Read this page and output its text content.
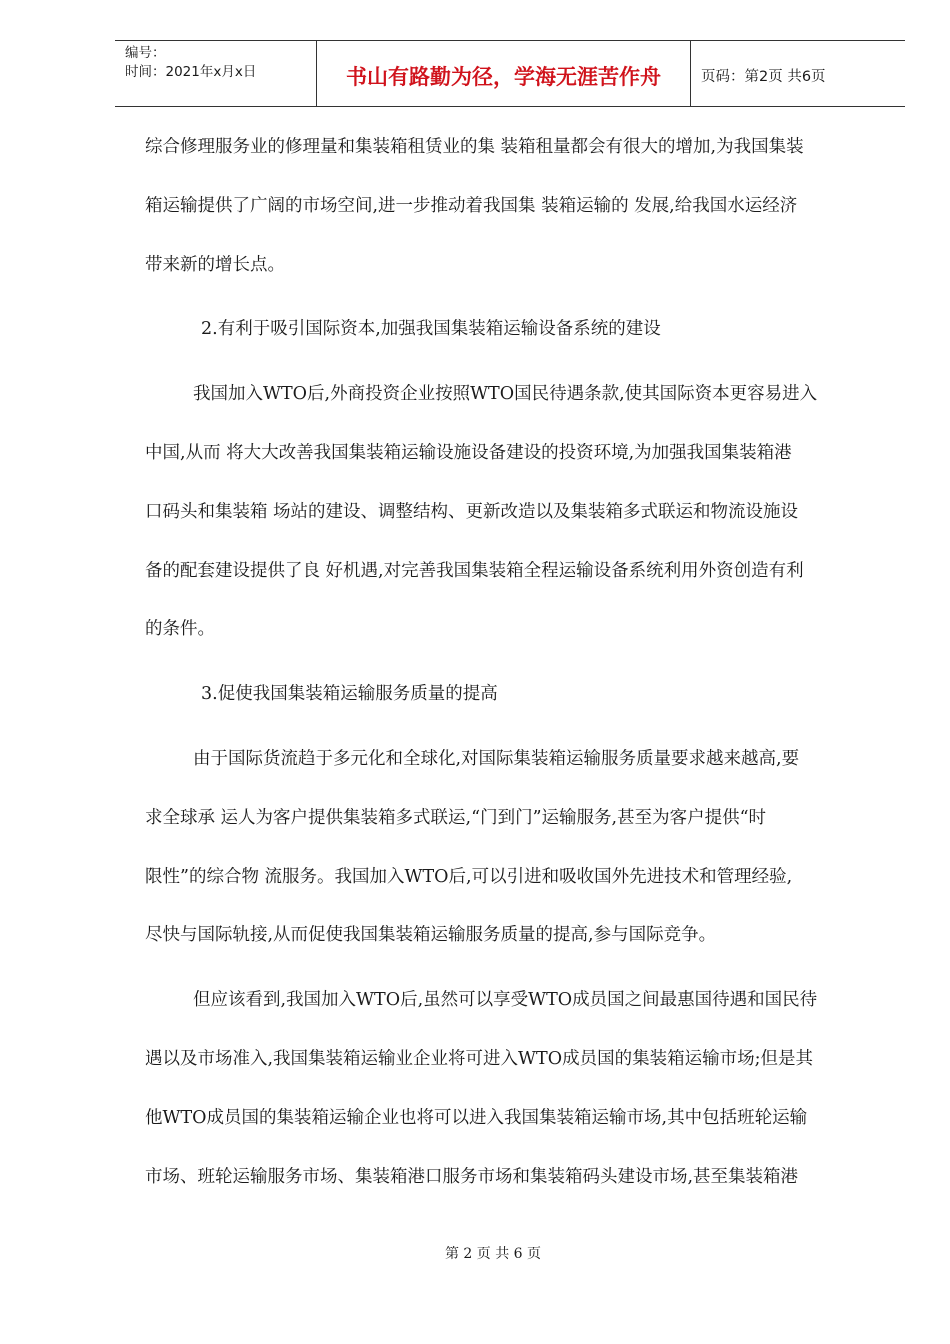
编号：
时间：2021年x月x日	书山有路勤为径，学海无涯苦作舟	页码：第2页 共6页
综合修理服务业的修理量和集装箱租赁业的集 装箱租量都会有很大的增加,为我国集装
箱运输提供了广阔的市场空间,进一步推动着我国集 装箱运输的 发展,给我国水运经济
带来新的增长点。
2.有利于吸引国际资本,加强我国集装箱运输设备系统的建设
我国加入WTO后,外商投资企业按照WTO国民待遇条款,使其国际资本更容易进入
中国,从而 将大大改善我国集装箱运输设施设备建设的投资环境,为加强我国集装箱港
口码头和集装箱 场站的建设、调整结构、更新改造以及集装箱多式联运和物流设施设
备的配套建设提供了良 好机遇,对完善我国集装箱全程运输设备系统利用外资创造有利
的条件。
3.促使我国集装箱运输服务质量的提高
由于国际货流趋于多元化和全球化,对国际集装箱运输服务质量要求越来越高,要
求全球承 运人为客户提供集装箱多式联运,“门到门”运输服务,甚至为客户提供“时
限性”的综合物 流服务。我国加入WTO后,可以引进和吸收国外先进技术和管理经验,
尽快与国际轨接,从而促使我国集装箱运输服务质量的提高,参与国际竞争。
但应该看到,我国加入WTO后,虽然可以享受WTO成员国之间最惠国待遇和国民待
遇以及市场准入,我国集装箱运输业企业将可进入WTO成员国的集装箱运输市场;但是其
他WTO成员国的集装箱运输企业也将可以进入我国集装箱运输市场,其中包括班轮运输
市场、班轮运输服务市场、集装箱港口服务市场和集装箱码头建设市场,甚至集装箱港
第 2 页 共 6 页
